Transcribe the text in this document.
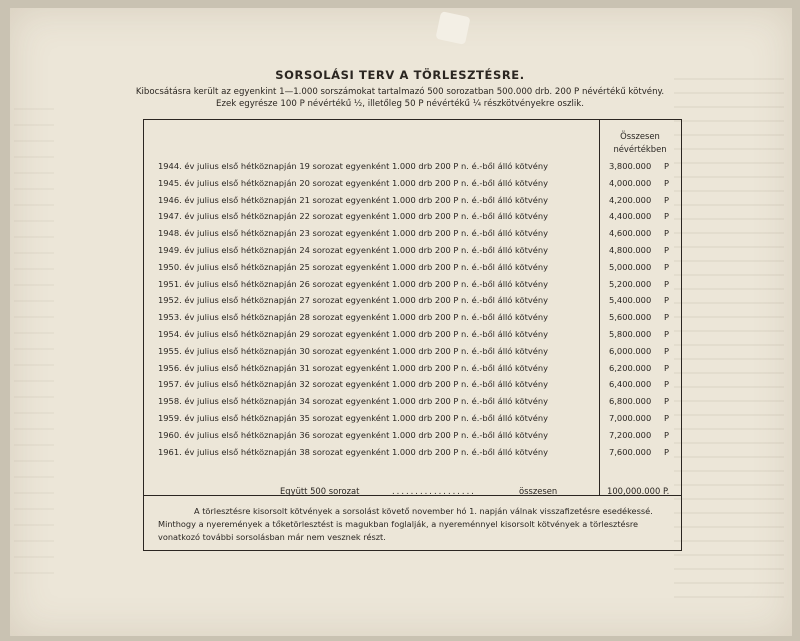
SORSOLÁSI TERV A TÖRLESZTÉSRE.
Kibocsátásra került az egyenkint 1—1.000 sorszámokat tartalmazó 500 sorozatban 500.000 drb. 200 P névértékű kötvény.
Ezek egyrésze 100 P névértékű ½, illetőleg 50 P névértékű ¼ részkötvényekre oszlik.
Összesen
névértékben
1944. év julius első hétköznapján 19 sorozat egyenként 1.000 drb 200 P n. é.-ből álló kötvény	3,800.000 P
1945. év julius első hétköznapján 20 sorozat egyenként 1.000 drb 200 P n. é.-ből álló kötvény	4,000.000 P
1946. év julius első hétköznapján 21 sorozat egyenként 1.000 drb 200 P n. é.-ből álló kötvény	4,200.000 P
1947. év julius első hétköznapján 22 sorozat egyenként 1.000 drb 200 P n. é.-ből álló kötvény	4,400.000 P
1948. év julius első hétköznapján 23 sorozat egyenként 1.000 drb 200 P n. é.-ből álló kötvény	4,600.000 P
1949. év julius első hétköznapján 24 sorozat egyenként 1.000 drb 200 P n. é.-ből álló kötvény	4,800.000 P
1950. év julius első hétköznapján 25 sorozat egyenként 1.000 drb 200 P n. é.-ből álló kötvény	5,000.000 P
1951. év julius első hétköznapján 26 sorozat egyenként 1.000 drb 200 P n. é.-ből álló kötvény	5,200.000 P
1952. év julius első hétköznapján 27 sorozat egyenként 1.000 drb 200 P n. é.-ből álló kötvény	5,400.000 P
1953. év julius első hétköznapján 28 sorozat egyenként 1.000 drb 200 P n. é.-ből álló kötvény	5,600.000 P
1954. év julius első hétköznapján 29 sorozat egyenként 1.000 drb 200 P n. é.-ből álló kötvény	5,800.000 P
1955. év julius első hétköznapján 30 sorozat egyenként 1.000 drb 200 P n. é.-ből álló kötvény	6,000.000 P
1956. év julius első hétköznapján 31 sorozat egyenként 1.000 drb 200 P n. é.-ből álló kötvény	6,200.000 P
1957. év julius első hétköznapján 32 sorozat egyenként 1.000 drb 200 P n. é.-ből álló kötvény	6,400.000 P
1958. év julius első hétköznapján 34 sorozat egyenként 1.000 drb 200 P n. é.-ből álló kötvény	6,800.000 P
1959. év julius első hétköznapján 35 sorozat egyenként 1.000 drb 200 P n. é.-ből álló kötvény	7,000.000 P
1960. év julius első hétköznapján 36 sorozat egyenként 1.000 drb 200 P n. é.-ből álló kötvény	7,200.000 P
1961. év julius első hétköznapján 38 sorozat egyenként 1.000 drb 200 P n. é.-ből álló kötvény	7,600.000 P
Együtt 500 sorozat	..................	összesen	100,000.000 P.
A törlesztésre kisorsolt kötvények a sorsolást követő november hó 1. napján válnak visszafizetésre esedékessé. Minthogy a nyeremények a tőketörlesztést is magukban foglalják, a nyereménnyel kisorsolt kötvények a törlesztésre vonatkozó további sorsolásban már nem vesznek részt.
